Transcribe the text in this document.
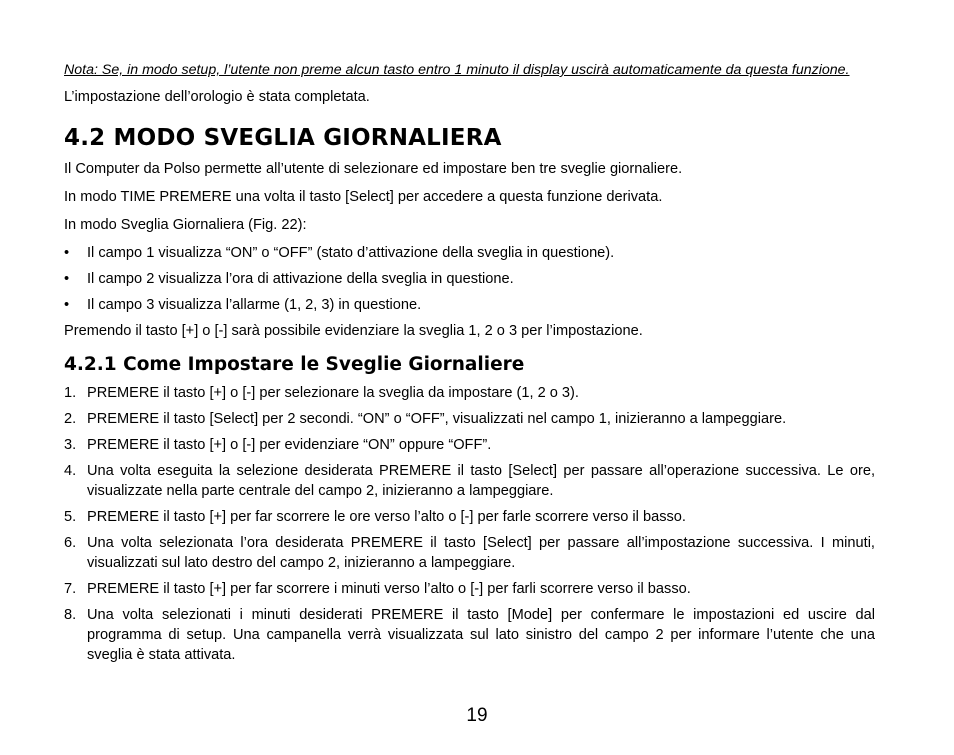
Nota: Se, in modo setup, l’utente non preme alcun tasto entro 1 minuto il display uscirà automaticamente da questa funzione.

L’impostazione dell’orologio è stata completata.

4.2 MODO SVEGLIA GIORNALIERA

Il Computer da Polso permette all’utente di selezionare ed impostare ben tre sveglie giornaliere.

In modo TIME PREMERE una volta il tasto [Select] per accedere a questa funzione derivata.

In modo Sveglia Giornaliera (Fig. 22):

• Il campo 1 visualizza “ON” o “OFF” (stato d’attivazione della sveglia in questione).
• Il campo 2 visualizza l’ora di attivazione della sveglia in questione.
• Il campo 3 visualizza l’allarme (1, 2, 3) in questione.

Premendo il tasto [+] o [-] sarà possibile evidenziare la sveglia 1, 2 o 3 per l’impostazione.

4.2.1 Come Impostare le Sveglie Giornaliere
1. PREMERE il tasto [+] o [-] per selezionare la sveglia da impostare (1, 2 o 3).
2. PREMERE il tasto [Select] per 2 secondi. “ON” o “OFF”, visualizzati nel campo 1, inizieranno a lampeggiare.
3. PREMERE il tasto [+] o [-] per evidenziare “ON” oppure “OFF”.
4. Una volta eseguita la selezione desiderata PREMERE il tasto [Select] per passare all’operazione successiva. Le ore, visualizzate nella parte centrale del campo 2, inizieranno a lampeggiare.
5. PREMERE il tasto [+] per far scorrere le ore verso l’alto o [-] per farle scorrere verso il basso.
6. Una volta selezionata l’ora desiderata PREMERE il tasto [Select] per passare all’impostazione successiva. I minuti, visualizzati sul lato destro del campo 2, inizieranno a lampeggiare.
7. PREMERE il tasto [+] per far scorrere i minuti verso l’alto o [-] per farli scorrere verso il basso.
8. Una volta selezionati i minuti desiderati PREMERE il tasto [Mode] per confermare le impostazioni ed uscire dal programma di setup. Una campanella verrà visualizzata sul lato sinistro del campo 2 per informare l’utente che una sveglia è stata attivata.
19
